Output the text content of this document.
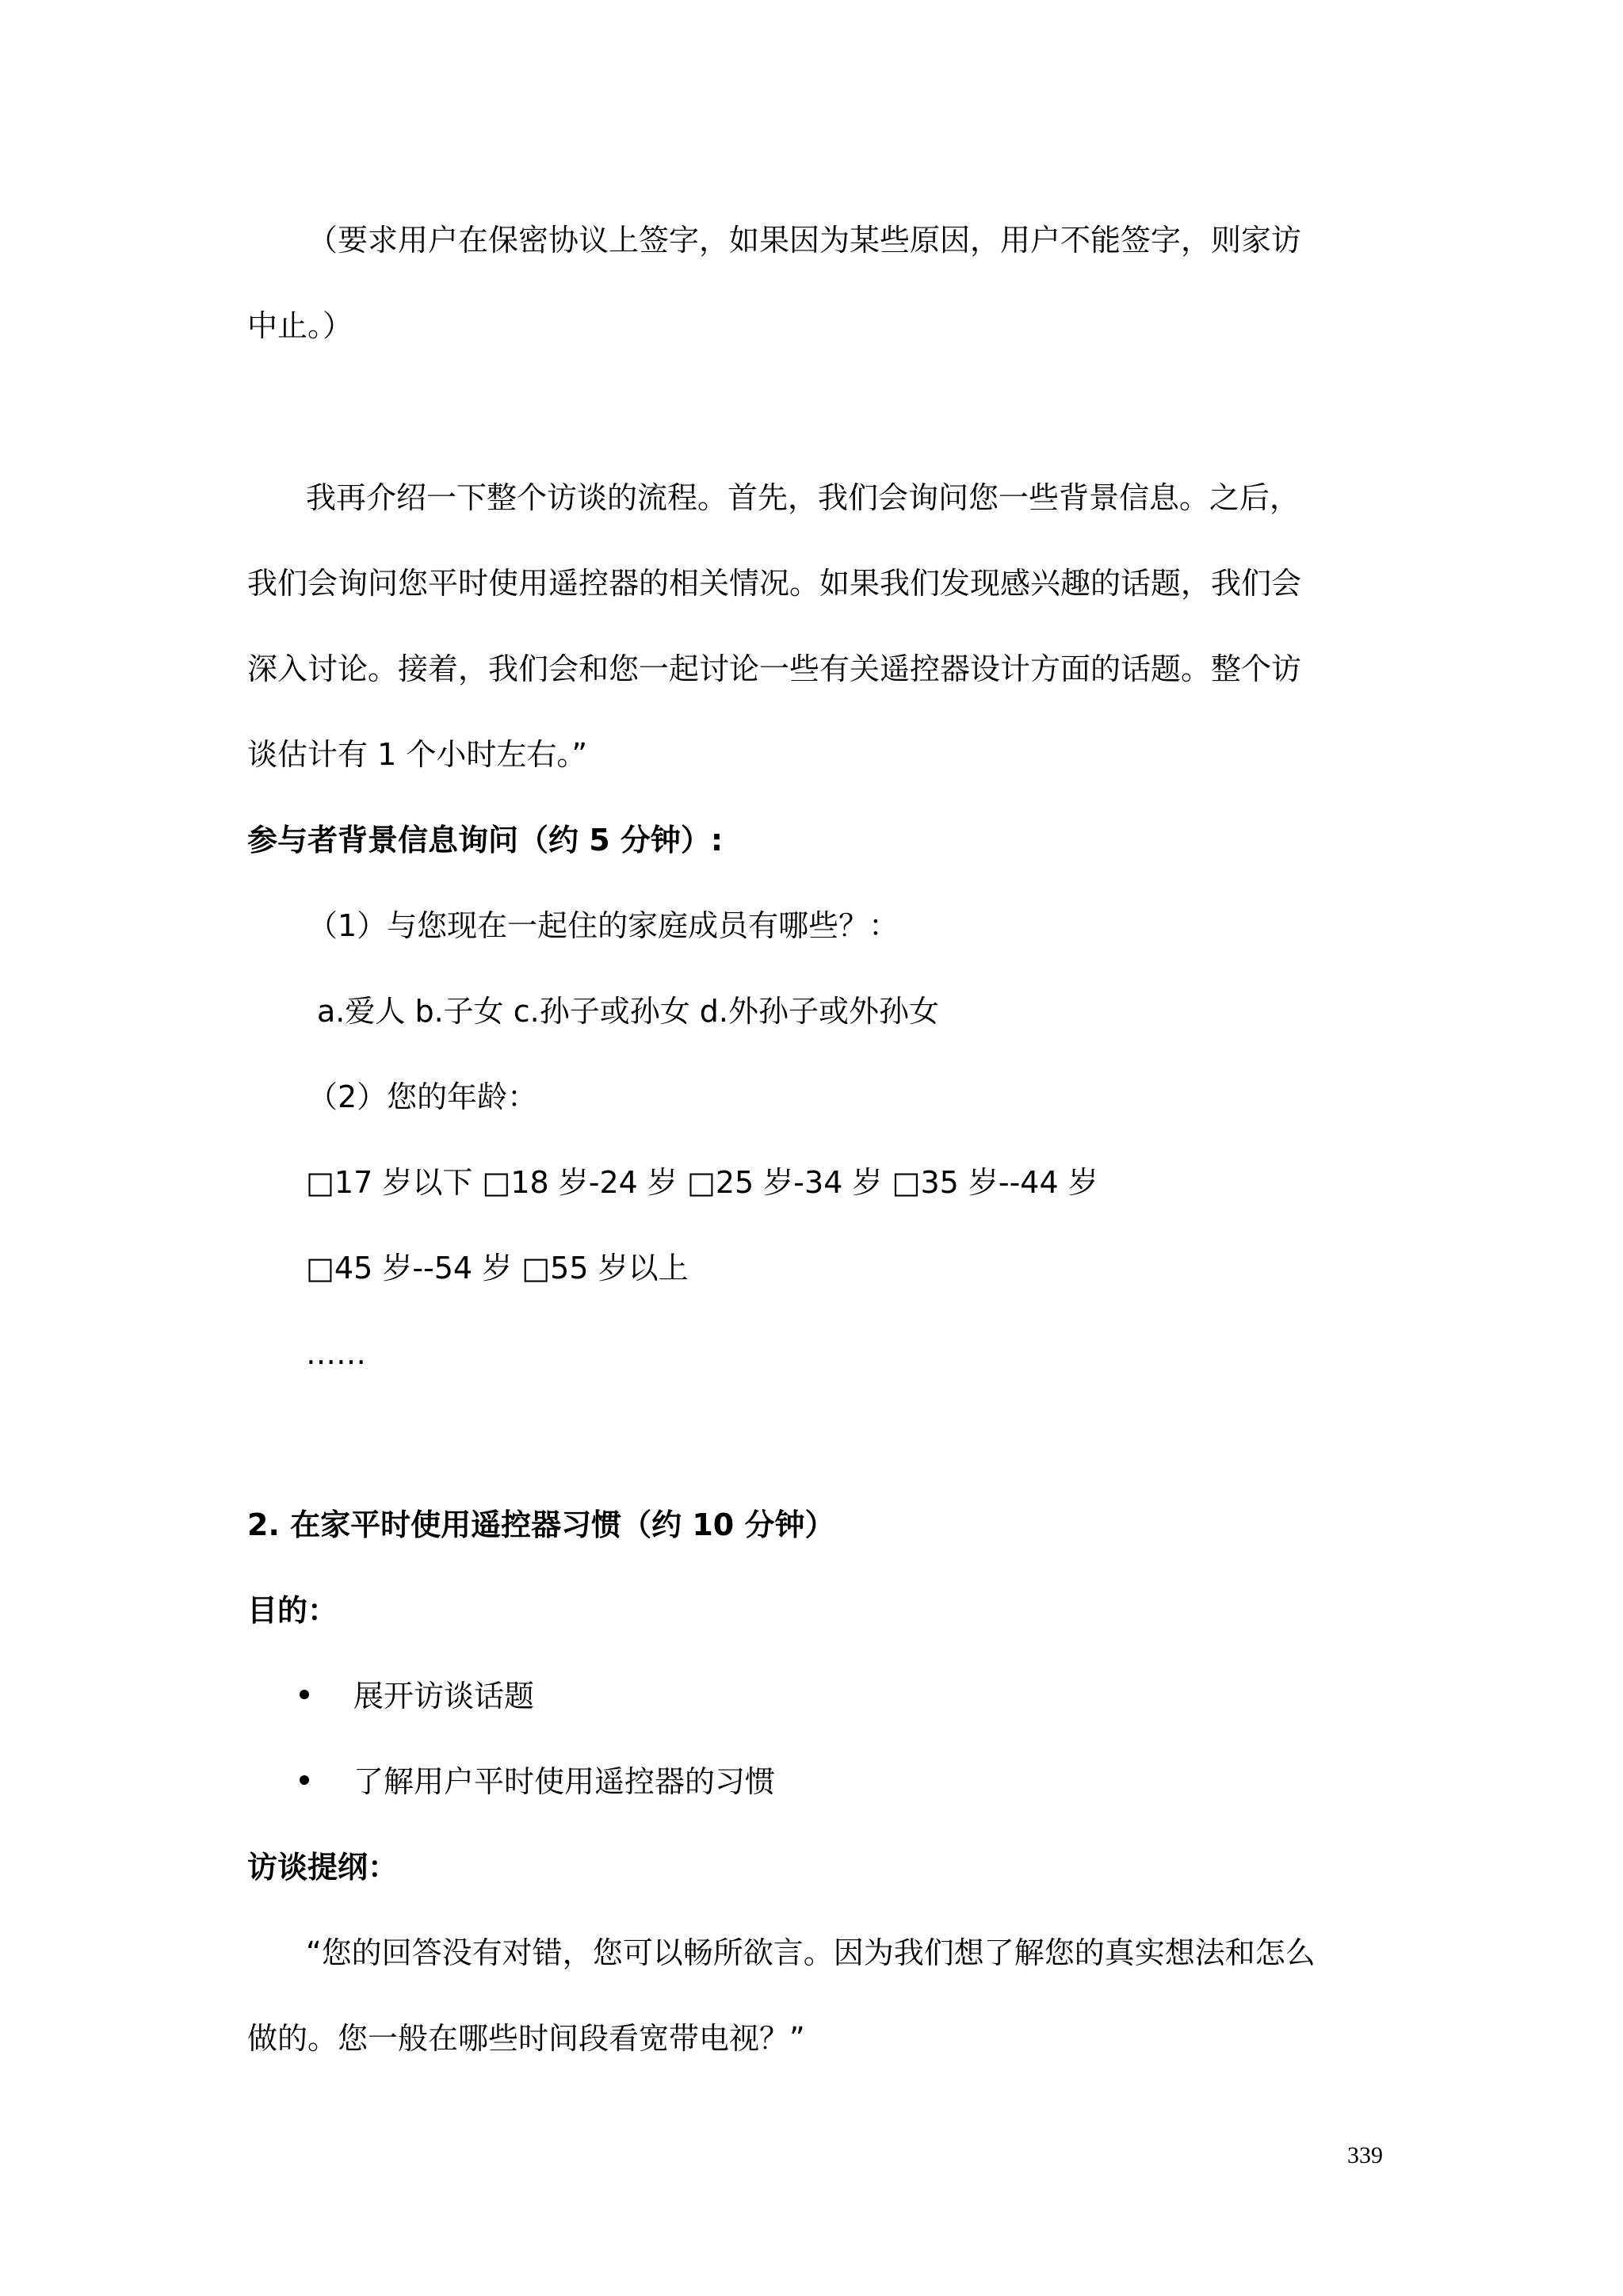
（要求用户在保密协议上签字，如果因为某些原因，用户不能签字，则家访
中止。）
我再介绍一下整个访谈的流程。首先，我们会询问您一些背景信息。之后，
我们会询问您平时使用遥控器的相关情况。如果我们发现感兴趣的话题，我们会
深入讨论。接着，我们会和您一起讨论一些有关遥控器设计方面的话题。整个访
谈估计有 1 个小时左右。”
参与者背景信息询问（约 5 分钟）:
（1）与您现在一起住的家庭成员有哪些？：
a.爱人 b.子女 c.孙子或孙女 d.外孙子或外孙女
（2）您的年龄：
□17 岁以下 □18 岁-24 岁 □25 岁-34 岁 □35 岁--44 岁
□45 岁--54 岁 □55 岁以上
……
2. 在家平时使用遥控器习惯（约 10 分钟）
目的：
展开访谈话题
了解用户平时使用遥控器的习惯
访谈提纲：
“您的回答没有对错，您可以畅所欲言。因为我们想了解您的真实想法和怎么
做的。您一般在哪些时间段看宽带电视？”
339
